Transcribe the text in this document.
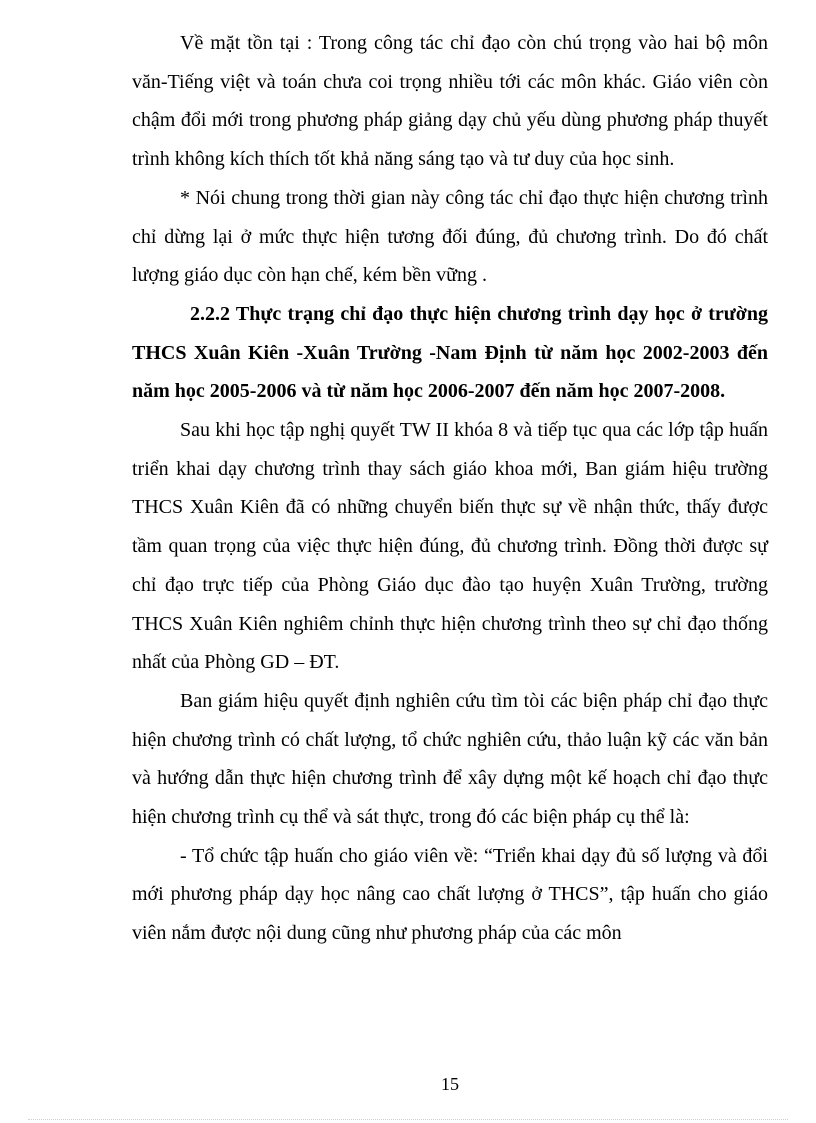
Về mặt tồn tại : Trong công tác chỉ đạo còn chú trọng vào hai bộ môn văn-Tiếng việt và toán chưa coi trọng nhiều tới các môn khác. Giáo viên còn chậm đổi mới trong phương pháp giảng dạy chủ yếu dùng phương pháp thuyết trình không kích thích tốt khả năng sáng tạo và tư duy của học sinh.

* Nói chung trong thời gian này công tác chỉ đạo thực hiện chương trình chỉ dừng lại ở mức thực hiện tương đối đúng, đủ chương trình. Do đó chất lượng giáo dục còn hạn chế, kém bền vững .

2.2.2 Thực trạng chỉ đạo thực hiện chương trình dạy học ở trường THCS Xuân Kiên -Xuân Trường -Nam Định từ năm học 2002-2003 đến năm học 2005-2006 và từ năm học 2006-2007 đến năm học 2007-2008.

Sau khi học tập nghị quyết TW II khóa 8 và tiếp tục qua các lớp tập huấn triển khai dạy chương trình thay sách giáo khoa mới, Ban giám hiệu trường THCS Xuân Kiên đã có những chuyển biến thực sự về nhận thức, thấy được tầm quan trọng của việc thực hiện đúng, đủ chương trình. Đồng thời được sự chỉ đạo trực tiếp của Phòng Giáo dục đào tạo huyện Xuân Trường, trường THCS Xuân Kiên nghiêm chỉnh thực hiện chương trình theo sự chỉ đạo thống nhất của Phòng GD – ĐT.

Ban giám hiệu quyết định nghiên cứu tìm tòi các biện pháp chỉ đạo thực hiện chương trình có chất lượng, tổ chức nghiên cứu, thảo luận kỹ các văn bản và hướng dẫn thực hiện chương trình để xây dựng một kế hoạch chỉ đạo thực hiện chương trình cụ thể và sát thực, trong đó các biện pháp cụ thể là:

- Tổ chức tập huấn cho giáo viên về: “Triển khai dạy đủ số lượng và đổi mới phương pháp dạy học nâng cao chất lượng ở THCS”, tập huấn cho giáo viên nắm được nội dung cũng như phương pháp của các môn

15
